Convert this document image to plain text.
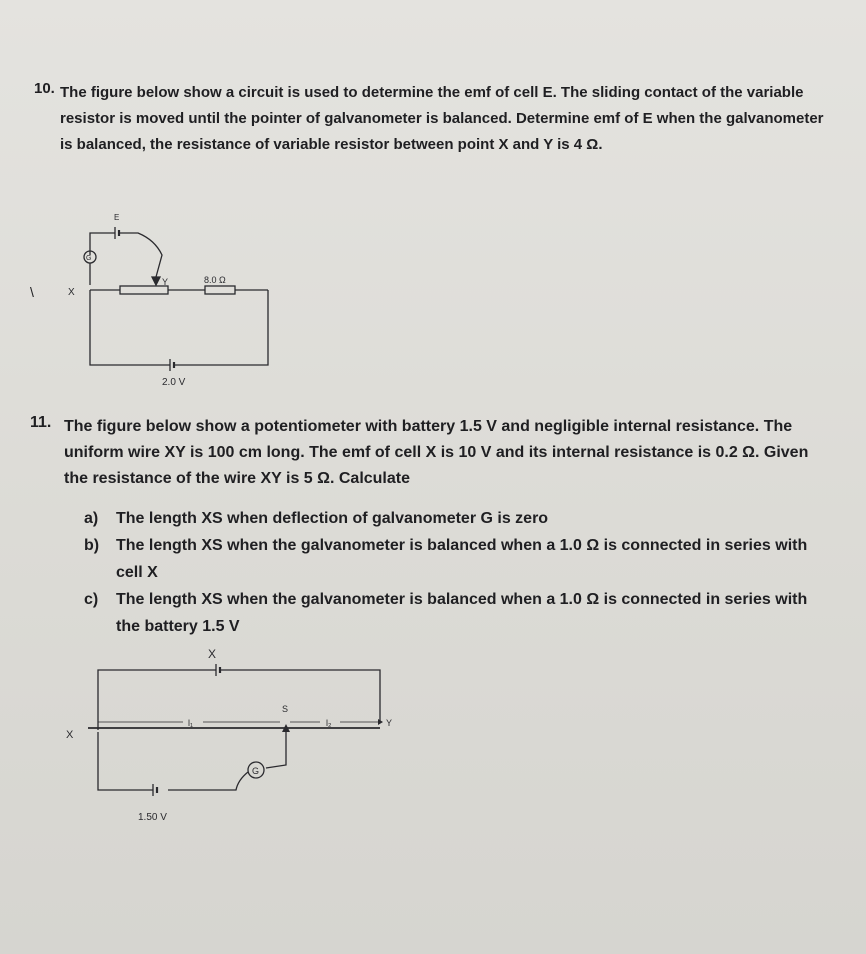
10. The figure below show a circuit is used to determine the emf of cell E. The sliding contact of the variable resistor is moved until the pointer of galvanometer is balanced. Determine emf of E when the galvanometer is balanced, the resistance of variable resistor between point X and Y is 4 Ω.
\
E
G
X
Y	8.0 Ω
2.0 V
11. The figure below show a potentiometer with battery 1.5 V and negligible internal resistance. The uniform wire XY is 100 cm long. The emf of cell X is 10 V and its internal resistance is 0.2 Ω. Given the resistance of the wire XY is 5 Ω. Calculate
a) The length XS when deflection of galvanometer G is zero
b) The length XS when the galvanometer is balanced when a 1.0 Ω is connected in series with cell X
c) The length XS when the galvanometer is balanced when a 1.0 Ω is connected in series with the battery 1.5 V
X
X
Y
S
l₁	l₂
G
1.50 V
